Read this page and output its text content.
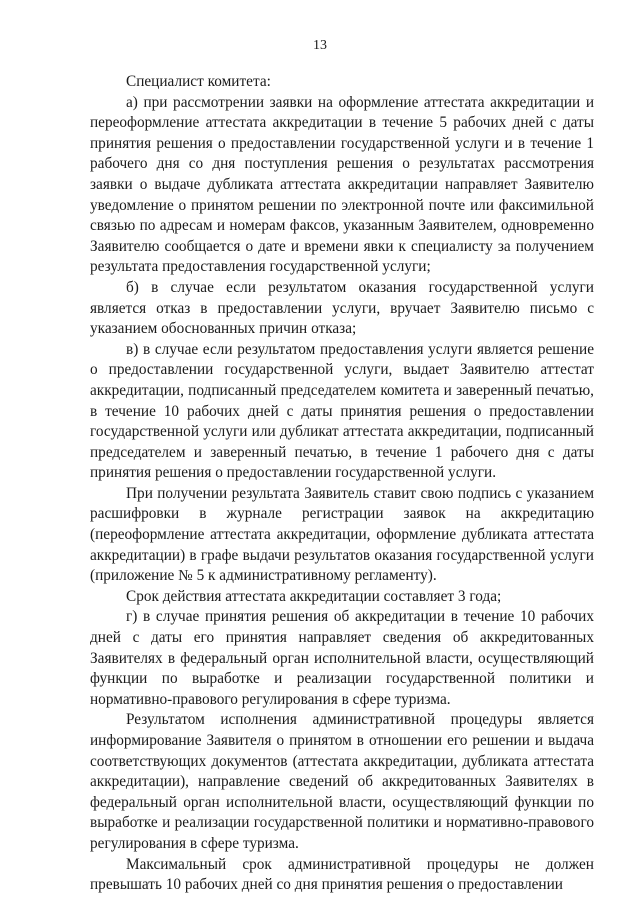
13

Специалист комитета:

а) при рассмотрении заявки на оформление аттестата аккредитации и переоформление аттестата аккредитации в течение 5 рабочих дней с даты принятия решения о предоставлении государственной услуги и в течение 1 рабочего дня со дня поступления решения о результатах рассмотрения заявки о выдаче дубликата аттестата аккредитации направляет Заявителю уведомление о принятом решении по электронной почте или факсимильной связью по адресам и номерам факсов, указанным Заявителем, одновременно Заявителю сообщается о дате и времени явки к специалисту за получением результата предоставления государственной услуги;

б) в случае если результатом оказания государственной услуги является отказ в предоставлении услуги, вручает Заявителю письмо с указанием обоснованных причин отказа;

в) в случае если результатом предоставления услуги является решение о предоставлении государственной услуги, выдает Заявителю аттестат аккредитации, подписанный председателем комитета и заверенный печатью, в течение 10 рабочих дней с даты принятия решения о предоставлении государственной услуги или дубликат аттестата аккредитации, подписанный председателем и заверенный печатью, в течение 1 рабочего дня с даты принятия решения о предоставлении государственной услуги.

При получении результата Заявитель ставит свою подпись с указанием расшифровки в журнале регистрации заявок на аккредитацию (переоформление аттестата аккредитации, оформление дубликата аттестата аккредитации) в графе выдачи результатов оказания государственной услуги (приложение № 5 к административному регламенту).

Срок действия аттестата аккредитации составляет 3 года;

г) в случае принятия решения об аккредитации в течение 10 рабочих дней с даты его принятия направляет сведения об аккредитованных Заявителях в федеральный орган исполнительной власти, осуществляющий функции по выработке и реализации государственной политики и нормативно-правового регулирования в сфере туризма.

Результатом исполнения административной процедуры является информирование Заявителя о принятом в отношении его решении и выдача соответствующих документов (аттестата аккредитации, дубликата аттестата аккредитации), направление сведений об аккредитованных Заявителях в федеральный орган исполнительной власти, осуществляющий функции по выработке и реализации государственной политики и нормативно-правового регулирования в сфере туризма.

Максимальный срок административной процедуры не должен превышать 10 рабочих дней со дня принятия решения о предоставлении
